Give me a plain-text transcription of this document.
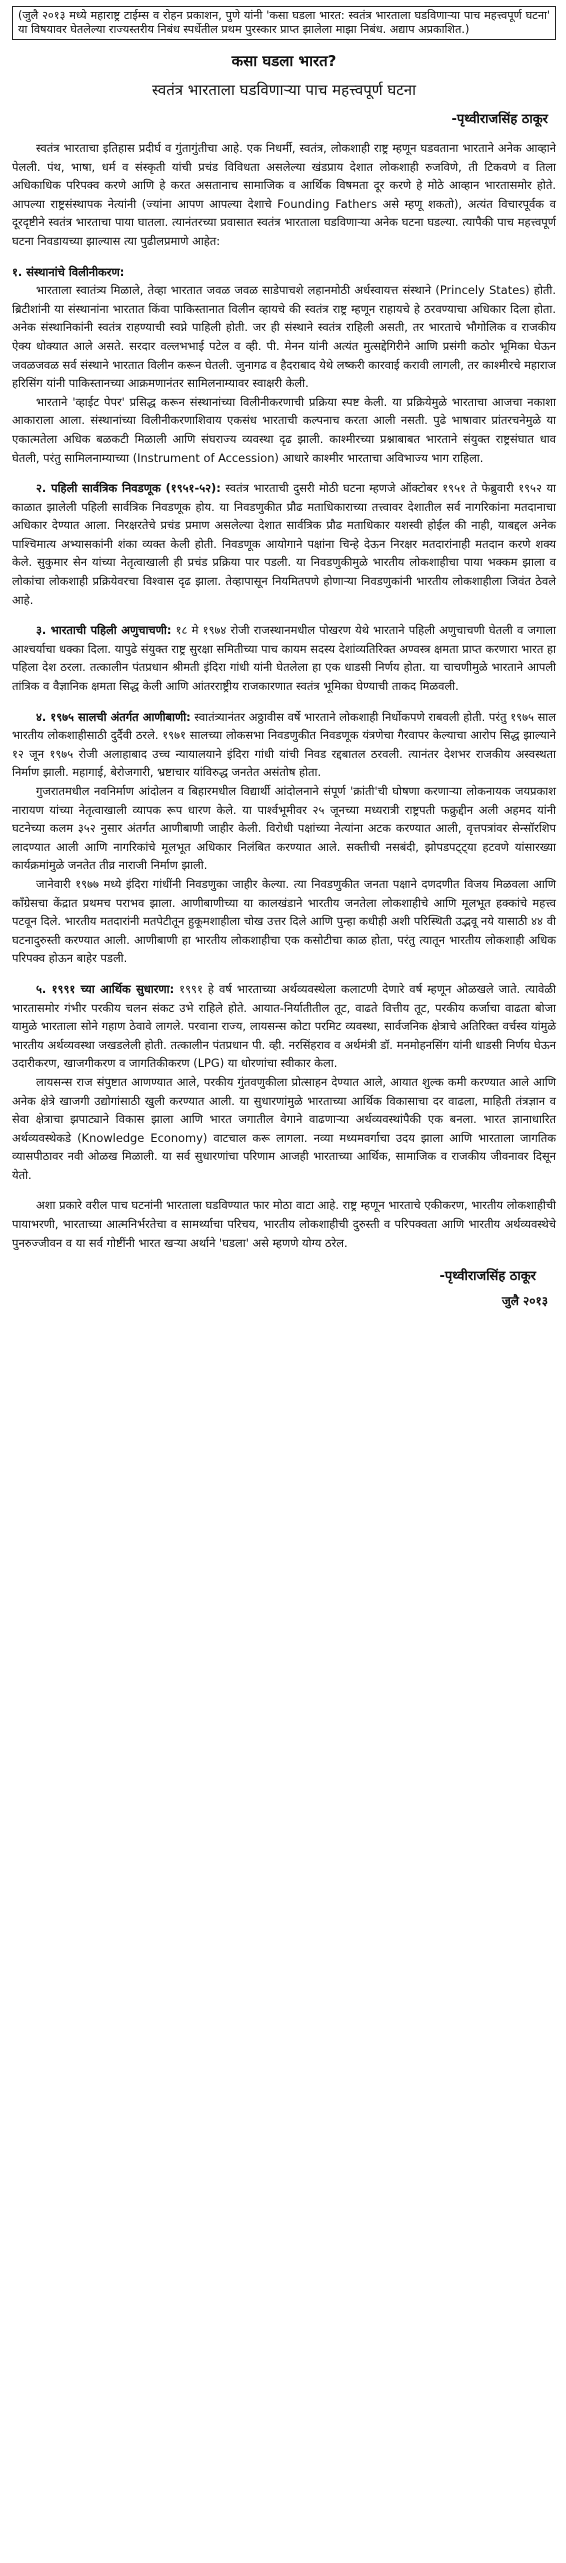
(जुलै २०१३ मध्ये महाराष्ट्र टाईम्स व रोहन प्रकाशन, पुणे यांनी 'कसा घडला भारत: स्वतंत्र भारताला घडविणाऱ्या पाच महत्त्वपूर्ण घटना' या विषयावर घेतलेल्या राज्यस्तरीय निबंध स्पर्धेतील प्रथम पुरस्कार प्राप्त झालेला माझा निबंध. अद्याप अप्रकाशित.)
कसा घडला भारत?
स्वतंत्र भारताला घडविणाऱ्या पाच महत्त्वपूर्ण घटना
-पृथ्वीराजसिंह ठाकूर

स्वतंत्र भारताचा इतिहास प्रदीर्घ व गुंतागुंतीचा आहे. एक निधर्मी, स्वतंत्र, लोकशाही राष्ट्र म्हणून घडवताना भारताने अनेक आव्हाने पेलली. पंथ, भाषा, धर्म व संस्कृती यांची प्रचंड विविधता असलेल्या खंडप्राय देशात लोकशाही रुजविणे, ती टिकवणे व तिला अधिकाधिक परिपक्व करणे आणि हे करत असतानाच सामाजिक व आर्थिक विषमता दूर करणे हे मोठे आव्हान भारतासमोर होते. आपल्या राष्ट्रसंस्थापक नेत्यांनी (ज्यांना आपण आपल्या देशाचे Founding Fathers असे म्हणू शकतो), अत्यंत विचारपूर्वक व दूरदृष्टीने स्वतंत्र भारताचा पाया घातला. त्यानंतरच्या प्रवासात स्वतंत्र भारताला घडविणाऱ्या अनेक घटना घडल्या. त्यापैकी पाच महत्त्वपूर्ण घटना निवडायच्या झाल्यास त्या पुढीलप्रमाणे आहेत:

१. संस्थानांचे विलीनीकरण:

भारताला स्वातंत्र्य मिळाले, तेव्हा भारतात जवळ जवळ साडेपाचशे लहानमोठी अर्धस्वायत्त संस्थाने (Princely States) होती. ब्रिटीशांनी या संस्थानांना भारतात किंवा पाकिस्तानात विलीन व्हायचे की स्वतंत्र राष्ट्र म्हणून राहायचे हे ठरवण्याचा अधिकार दिला होता. अनेक संस्थानिकांनी स्वतंत्र राहण्याची स्वप्ने पाहिली होती. जर ही संस्थाने स्वतंत्र राहिली असती, तर भारताचे भौगोलिक व राजकीय ऐक्य धोक्यात आले असते. सरदार वल्लभभाई पटेल व व्ही. पी. मेनन यांनी अत्यंत मुत्सद्देगिरीने आणि प्रसंगी कठोर भूमिका घेऊन जवळजवळ सर्व संस्थाने भारतात विलीन करून घेतली. जुनागढ व हैदराबाद येथे लष्करी कारवाई करावी लागली, तर काश्मीरचे महाराज हरिसिंग यांनी पाकिस्तानच्या आक्रमणानंतर सामिलनाम्यावर स्वाक्षरी केली.

भारताने 'व्हाईट पेपर' प्रसिद्ध करून संस्थानांच्या विलीनीकरणाची प्रक्रिया स्पष्ट केली. या प्रक्रियेमुळे भारताचा आजचा नकाशा आकाराला आला. संस्थानांच्या विलीनीकरणाशिवाय एकसंध भारताची कल्पनाच करता आली नसती. पुढे भाषावार प्रांतरचनेमुळे या एकात्मतेला अधिक बळकटी मिळाली आणि संघराज्य व्यवस्था दृढ झाली. काश्मीरच्या प्रश्नाबाबत भारताने संयुक्त राष्ट्रसंघात धाव घेतली, परंतु सामिलनाम्याच्या (Instrument of Accession) आधारे काश्मीर भारताचा अविभाज्य भाग राहिला.

२. पहिली सार्वत्रिक निवडणूक (१९५१-५२): स्वतंत्र भारताची दुसरी मोठी घटना म्हणजे ऑक्टोबर १९५१ ते फेब्रुवारी १९५२ या काळात झालेली पहिली सार्वत्रिक निवडणूक होय. या निवडणुकीत प्रौढ मताधिकाराच्या तत्त्वावर देशातील सर्व नागरिकांना मतदानाचा अधिकार देण्यात आला. निरक्षरतेचे प्रचंड प्रमाण असलेल्या देशात सार्वत्रिक प्रौढ मताधिकार यशस्वी होईल की नाही, याबद्दल अनेक पाश्चिमात्य अभ्यासकांनी शंका व्यक्त केली होती. निवडणूक आयोगाने पक्षांना चिन्हे देऊन निरक्षर मतदारांनाही मतदान करणे शक्य केले. सुकुमार सेन यांच्या नेतृत्वाखाली ही प्रचंड प्रक्रिया पार पडली. या निवडणुकीमुळे भारतीय लोकशाहीचा पाया भक्कम झाला व लोकांचा लोकशाही प्रक्रियेवरचा विश्वास दृढ झाला. तेव्हापासून नियमितपणे होणाऱ्या निवडणुकांनी भारतीय लोकशाहीला जिवंत ठेवले आहे.

३. भारताची पहिली अणुचाचणी: १८ मे १९७४ रोजी राजस्थानमधील पोखरण येथे भारताने पहिली अणुचाचणी घेतली व जगाला आश्चर्याचा धक्का दिला. यापुढे संयुक्त राष्ट्र सुरक्षा समितीच्या पाच कायम सदस्य देशांव्यतिरिक्त अण्वस्त्र क्षमता प्राप्त करणारा भारत हा पहिला देश ठरला. तत्कालीन पंतप्रधान श्रीमती इंदिरा गांधी यांनी घेतलेला हा एक धाडसी निर्णय होता. या चाचणीमुळे भारताने आपली तांत्रिक व वैज्ञानिक क्षमता सिद्ध केली आणि आंतरराष्ट्रीय राजकारणात स्वतंत्र भूमिका घेण्याची ताकद मिळवली.

४. १९७५ सालची अंतर्गत आणीबाणी: स्वातंत्र्यानंतर अठ्ठावीस वर्षे भारताने लोकशाही निर्धोकपणे राबवली होती. परंतु १९७५ साल भारतीय लोकशाहीसाठी दुर्दैवी ठरले. १९७१ सालच्या लोकसभा निवडणुकीत निवडणूक यंत्रणेचा गैरवापर केल्याचा आरोप सिद्ध झाल्याने १२ जून १९७५ रोजी अलाहाबाद उच्च न्यायालयाने इंदिरा गांधी यांची निवड रद्दबातल ठरवली. त्यानंतर देशभर राजकीय अस्वस्थता निर्माण झाली. महागाई, बेरोजगारी, भ्रष्टाचार यांविरुद्ध जनतेत असंतोष होता.

गुजरातमधील नवनिर्माण आंदोलन व बिहारमधील विद्यार्थी आंदोलनाने संपूर्ण 'क्रांती'ची घोषणा करणाऱ्या लोकनायक जयप्रकाश नारायण यांच्या नेतृत्वाखाली व्यापक रूप धारण केले. या पार्श्वभूमीवर २५ जूनच्या मध्यरात्री राष्ट्रपती फक्रुद्दीन अली अहमद यांनी घटनेच्या कलम ३५२ नुसार अंतर्गत आणीबाणी जाहीर केली. विरोधी पक्षांच्या नेत्यांना अटक करण्यात आली, वृत्तपत्रांवर सेन्सॉरशिप लादण्यात आली आणि नागरिकांचे मूलभूत अधिकार निलंबित करण्यात आले. सक्तीची नसबंदी, झोपडपट्ट्या हटवणे यांसारख्या कार्यक्रमांमुळे जनतेत तीव्र नाराजी निर्माण झाली.

जानेवारी १९७७ मध्ये इंदिरा गांधींनी निवडणुका जाहीर केल्या. त्या निवडणुकीत जनता पक्षाने दणदणीत विजय मिळवला आणि काँग्रेसचा केंद्रात प्रथमच पराभव झाला. आणीबाणीच्या या कालखंडाने भारतीय जनतेला लोकशाहीचे आणि मूलभूत हक्कांचे महत्त्व पटवून दिले. भारतीय मतदारांनी मतपेटीतून हुकूमशाहीला चोख उत्तर दिले आणि पुन्हा कधीही अशी परिस्थिती उद्भवू नये यासाठी ४४ वी घटनादुरुस्ती करण्यात आली. आणीबाणी हा भारतीय लोकशाहीचा एक कसोटीचा काळ होता, परंतु त्यातून भारतीय लोकशाही अधिक परिपक्व होऊन बाहेर पडली.

५. १९९१ च्या आर्थिक सुधारणा: १९९१ हे वर्ष भारताच्या अर्थव्यवस्थेला कलाटणी देणारे वर्ष म्हणून ओळखले जाते. त्यावेळी भारतासमोर गंभीर परकीय चलन संकट उभे राहिले होते. आयात-निर्यातीतील तूट, वाढते वित्तीय तूट, परकीय कर्जाचा वाढता बोजा यामुळे भारताला सोने गहाण ठेवावे लागले. परवाना राज्य, लायसन्स कोटा परमिट व्यवस्था, सार्वजनिक क्षेत्राचे अतिरिक्त वर्चस्व यांमुळे भारतीय अर्थव्यवस्था जखडलेली होती. तत्कालीन पंतप्रधान पी. व्ही. नरसिंहराव व अर्थमंत्री डॉ. मनमोहनसिंग यांनी धाडसी निर्णय घेऊन उदारीकरण, खाजगीकरण व जागतिकीकरण (LPG) या धोरणांचा स्वीकार केला.

लायसन्स राज संपुष्टात आणण्यात आले, परकीय गुंतवणुकीला प्रोत्साहन देण्यात आले, आयात शुल्क कमी करण्यात आले आणि अनेक क्षेत्रे खाजगी उद्योगांसाठी खुली करण्यात आली. या सुधारणांमुळे भारताच्या आर्थिक विकासाचा दर वाढला, माहिती तंत्रज्ञान व सेवा क्षेत्राचा झपाट्याने विकास झाला आणि भारत जगातील वेगाने वाढणाऱ्या अर्थव्यवस्थांपैकी एक बनला. भारत ज्ञानाधारित अर्थव्यवस्थेकडे (Knowledge Economy) वाटचाल करू लागला. नव्या मध्यमवर्गाचा उदय झाला आणि भारताला जागतिक व्यासपीठावर नवी ओळख मिळाली. या सर्व सुधारणांचा परिणाम आजही भारताच्या आर्थिक, सामाजिक व राजकीय जीवनावर दिसून येतो.

अशा प्रकारे वरील पाच घटनांनी भारताला घडविण्यात फार मोठा वाटा आहे. राष्ट्र म्हणून भारताचे एकीकरण, भारतीय लोकशाहीची पायाभरणी, भारताच्या आत्मनिर्भरतेचा व सामर्थ्याचा परिचय, भारतीय लोकशाहीची दुरुस्ती व परिपक्वता आणि भारतीय अर्थव्यवस्थेचे पुनरुज्जीवन व या सर्व गोष्टींनी भारत खऱ्या अर्थाने 'घडला' असे म्हणणे योग्य ठरेल.

-पृथ्वीराजसिंह ठाकूर
जुलै २०१३
